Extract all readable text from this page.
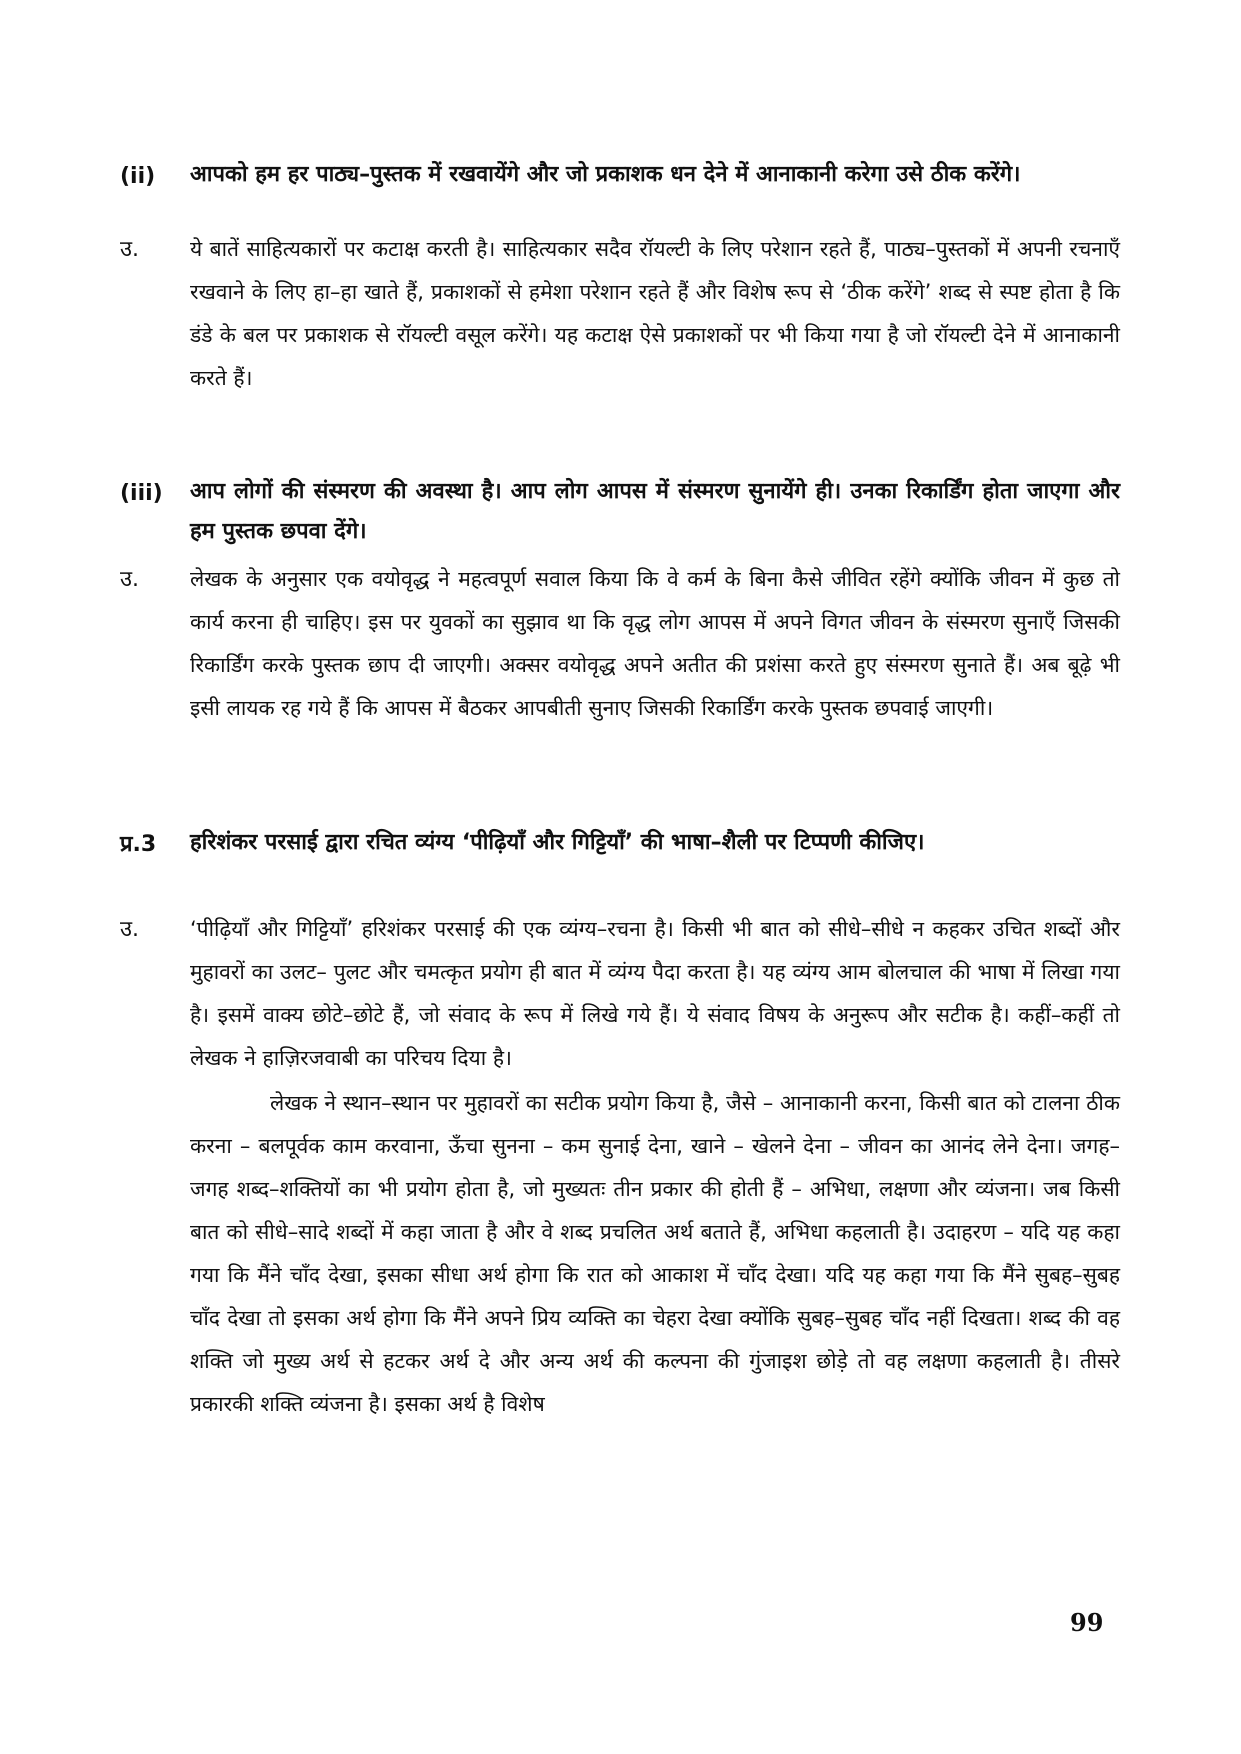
(ii)	आपको हम हर पाठ्य–पुस्तक में रखवायेंगे और जो प्रकाशक धन देने में आनाकानी करेगा उसे ठीक करेंगे।
उ.	ये बातें साहित्यकारों पर कटाक्ष करती है। साहित्यकार सदैव रॉयल्टी के लिए परेशान रहते हैं, पाठ्य–पुस्तकों में अपनी रचनाएँ रखवाने के लिए हा–हा खाते हैं, प्रकाशकों से हमेशा परेशान रहते हैं और विशेष रूप से ‘ठीक करेंगे’ शब्द से स्पष्ट होता है कि डंडे के बल पर प्रकाशक से रॉयल्टी वसूल करेंगे। यह कटाक्ष ऐसे प्रकाशकों पर भी किया गया है जो रॉयल्टी देने में आनाकानी करते हैं।
(iii)	आप लोगों की संस्मरण की अवस्था है। आप लोग आपस में संस्मरण सुनायेंगे ही। उनका रिकार्डिंग होता जाएगा और हम पुस्तक छपवा देंगे।
उ.	लेखक के अनुसार एक वयोवृद्ध ने महत्वपूर्ण सवाल किया कि वे कर्म के बिना कैसे जीवित रहेंगे क्योंकि जीवन में कुछ तो कार्य करना ही चाहिए। इस पर युवकों का सुझाव था कि वृद्ध लोग आपस में अपने विगत जीवन के संस्मरण सुनाएँ जिसकी रिकार्डिंग करके पुस्तक छाप दी जाएगी। अक्सर वयोवृद्ध अपने अतीत की प्रशंसा करते हुए संस्मरण सुनाते हैं। अब बूढ़े भी इसी लायक रह गये हैं कि आपस में बैठकर आपबीती सुनाए जिसकी रिकार्डिंग करके पुस्तक छपवाई जाएगी।
प्र.3	हरिशंकर परसाई द्वारा रचित व्यंग्य ‘पीढ़ियाँ और गिट्टियाँ’ की भाषा–शैली पर टिप्पणी कीजिए।
उ.	‘पीढ़ियाँ और गिट्टियाँ’ हरिशंकर परसाई की एक व्यंग्य–रचना है। किसी भी बात को सीधे–सीधे न कहकर उचित शब्दों और मुहावरों का उलट– पुलट और चमत्कृत प्रयोग ही बात में व्यंग्य पैदा करता है। यह व्यंग्य आम बोलचाल की भाषा में लिखा गया है। इसमें वाक्य छोटे–छोटे हैं, जो संवाद के रूप में लिखे गये हैं। ये संवाद विषय के अनुरूप और सटीक है। कहीं–कहीं तो लेखक ने हाज़िरजवाबी का परिचय दिया है।
लेखक ने स्थान–स्थान पर मुहावरों का सटीक प्रयोग किया है, जैसे – आनाकानी करना, किसी बात को टालना ठीक करना – बलपूर्वक काम करवाना, ऊँचा सुनना – कम सुनाई देना, खाने – खेलने देना – जीवन का आनंद लेने देना। जगह–जगह शब्द–शक्तियों का भी प्रयोग होता है, जो मुख्यतः तीन प्रकार की होती हैं – अभिधा, लक्षणा और व्यंजना। जब किसी बात को सीधे–सादे शब्दों में कहा जाता है और वे शब्द प्रचलित अर्थ बताते हैं, अभिधा कहलाती है। उदाहरण – यदि यह कहा गया कि मैंने चाँद देखा, इसका सीधा अर्थ होगा कि रात को आकाश में चाँद देखा। यदि यह कहा गया कि मैंने सुबह–सुबह चाँद देखा तो इसका अर्थ होगा कि मैंने अपने प्रिय व्यक्ति का चेहरा देखा क्योंकि सुबह–सुबह चाँद नहीं दिखता। शब्द की वह शक्ति जो मुख्य अर्थ से हटकर अर्थ दे और अन्य अर्थ की कल्पना की गुंजाइश छोड़े तो वह लक्षणा कहलाती है। तीसरे प्रकारकी शक्ति व्यंजना है। इसका अर्थ है विशेष
99
